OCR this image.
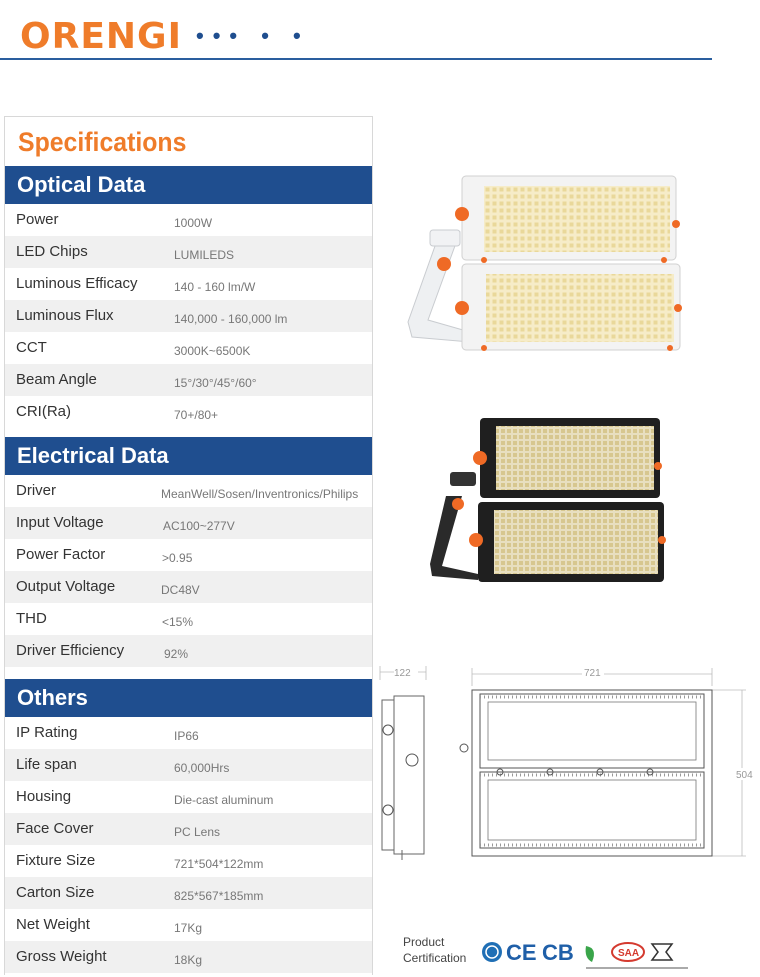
ORENGI ••• • •
Specifications
Optical Data
Power	1000W
LED Chips	LUMILEDS
Luminous Efficacy	140 - 160 lm/W
Luminous Flux	140,000 - 160,000 lm
CCT	3000K~6500K
Beam Angle	15°/30°/45°/60°
CRI(Ra)	70+/80+
Electrical Data
Driver	MeanWell/Sosen/Inventronics/Philips
Input Voltage	AC100~277V
Power Factor	>0.95
Output Voltage	DC48V
THD	<15%
Driver Efficiency	92%
Others
IP Rating	IP66
Life span	60,000Hrs
Housing	Die-cast aluminum
Face Cover	PC Lens
Fixture Size	721*504*122mm
Carton Size	825*567*185mm
Net Weight	17Kg
Gross Weight	18Kg
122	721
504
Product
Certification CE CB	SAA
